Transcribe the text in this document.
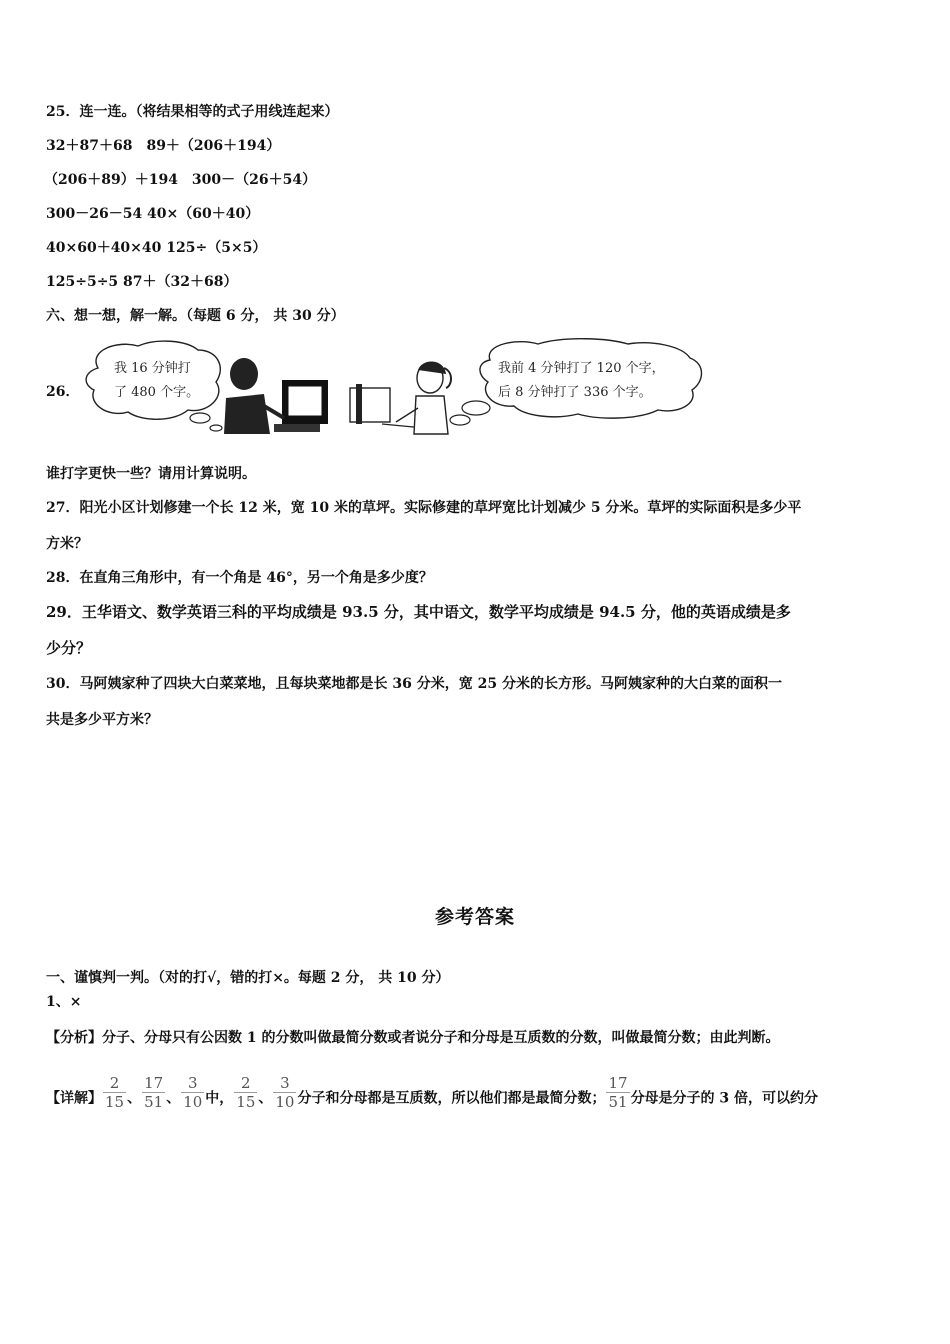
25．连一连。（将结果相等的式子用线连起来）
32＋87＋68　89＋（206＋194）
（206＋89）＋194　300－（26＋54）
300－26－54 40×（60＋40）
40×60＋40×40 125÷（5×5）
125÷5÷5 87＋（32＋68）
六、想一想，解一解。（每题 6 分， 共 30 分）
26．
我 16 分钟打
了 480 个字。
我前 4 分钟打了 120 个字，
后 8 分钟打了 336 个字。
谁打字更快一些？请用计算说明。
27．阳光小区计划修建一个长 12 米，宽 10 米的草坪。实际修建的草坪宽比计划减少 5 分米。草坪的实际面积是多少平
方米？
28．在直角三角形中，有一个角是 46°，另一个角是多少度？
29．王华语文、数学英语三科的平均成绩是 93.5 分，其中语文，数学平均成绩是 94.5 分，他的英语成绩是多
少分？
30．马阿姨家种了四块大白菜菜地，且每块菜地都是长 36 分米，宽 25 分米的长方形。马阿姨家种的大白菜的面积一
共是多少平方米？
参考答案
一、谨慎判一判。（对的打√，错的打×。每题 2 分， 共 10 分）
1、×
【分析】分子、分母只有公因数 1 的分数叫做最简分数或者说分子和分母是互质数的分数，叫做最简分数；由此判断。
【详解】 $\frac{2}{15}$ 、 $\frac{17}{51}$ 、 $\frac{3}{10}$ 中， $\frac{2}{15}$ 、 $\frac{3}{10}$ 分子和分母都是互质数，所以他们都是最简分数； $\frac{17}{51}$ 分母是分子的 3 倍，可以约分
